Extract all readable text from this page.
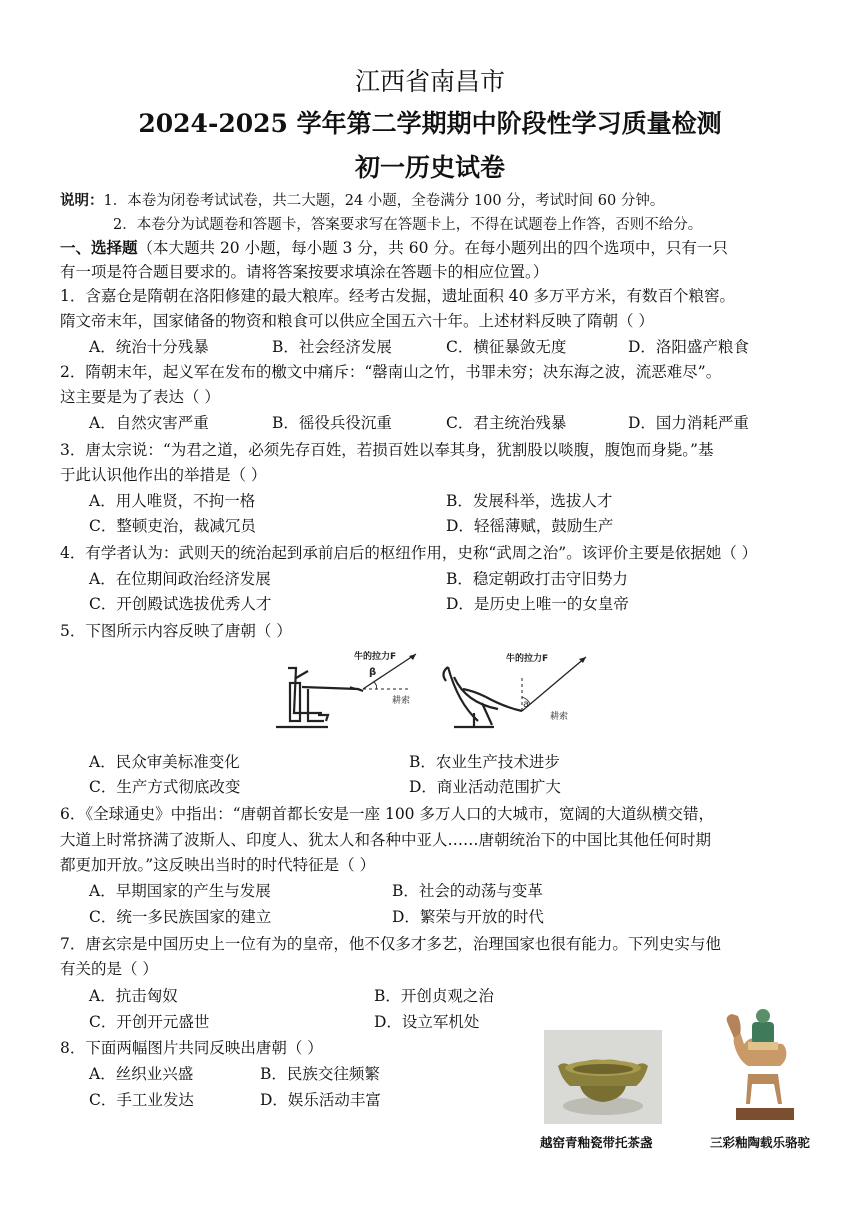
江西省南昌市
2024-2025 学年第二学期期中阶段性学习质量检测
初一历史试卷
说明：1．本卷为闭卷考试试卷，共二大题，24 小题，全卷满分 100 分，考试时间 60 分钟。
2．本卷分为试题卷和答题卡，答案要求写在答题卡上，不得在试题卷上作答，否则不给分。
一、选择题（本大题共 20 小题，每小题 3 分，共 60 分。在每小题列出的四个选项中，只有一只
有一项是符合题目要求的。请将答案按要求填涂在答题卡的相应位置。）
1．含嘉仓是隋朝在洛阳修建的最大粮库。经考古发掘，遗址面积 40 多万平方米，有数百个粮窖。
隋文帝末年，国家储备的物资和粮食可以供应全国五六十年。上述材料反映了隋朝（ ）
A．统治十分残暴	B．社会经济发展	C．横征暴敛无度	D．洛阳盛产粮食
2．隋朝末年，起义军在发布的檄文中痛斥：“罄南山之竹，书罪未穷；决东海之波，流恶难尽”。
这主要是为了表达（ ）
A．自然灾害严重	B．徭役兵役沉重	C．君主统治残暴	D．国力消耗严重
3．唐太宗说：“为君之道，必须先存百姓，若损百姓以奉其身，犹割股以啖腹，腹饱而身毙。”基
于此认识他作出的举措是（ ）
A．用人唯贤，不拘一格	B．发展科举，选拔人才
C．整顿吏治，裁减冗员	D．轻徭薄赋，鼓励生产
4．有学者认为：武则天的统治起到承前启后的枢纽作用，史称“武周之治”。该评价主要是依据她（ ）
A．在位期间政治经济发展	B．稳定朝政打击守旧势力
C．开创殿试选拔优秀人才	D．是历史上唯一的女皇帝
5．下图所示内容反映了唐朝（ ）
牛的拉力F
β
耕索
牛的拉力F
a
耕索
A．民众审美标准变化	B．农业生产技术进步
C．生产方式彻底改变	D．商业活动范围扩大
6．《全球通史》中指出：“唐朝首都长安是一座 100 多万人口的大城市，宽阔的大道纵横交错，
大道上时常挤满了波斯人、印度人、犹太人和各种中亚人……唐朝统治下的中国比其他任何时期
都更加开放。”这反映出当时的时代特征是（ ）
A．早期国家的产生与发展	B．社会的动荡与变革
C．统一多民族国家的建立	D．繁荣与开放的时代
7．唐玄宗是中国历史上一位有为的皇帝，他不仅多才多艺，治理国家也很有能力。下列史实与他
有关的是（ ）
A．抗击匈奴	B．开创贞观之治
C．开创开元盛世	D．设立军机处
8．下面两幅图片共同反映出唐朝（ ）
A．丝织业兴盛	B．民族交往频繁
C．手工业发达	D．娱乐活动丰富
越窑青釉瓷带托茶盏	三彩釉陶载乐骆驼
